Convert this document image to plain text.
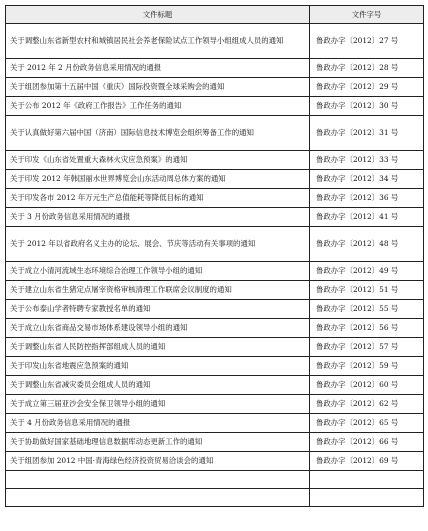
文件标题	文件字号
关于调整山东省新型农村和城镇居民社会养老保险试点工作领导小组组成人员的通知	鲁政办字〔2012〕27 号
关于 2012 年 2 月份政务信息采用情况的通报	鲁政办字〔2012〕28 号
关于组团参加第十五届中国（重庆）国际投资暨全球采购会的通知	鲁政办字〔2012〕29 号
关于公布 2012 年《政府工作报告》工作任务的通知	鲁政办字〔2012〕30 号
关于认真做好第六届中国（济南）国际信息技术博览会组织筹备工作的通知	鲁政办字〔2012〕31 号
关于印发《山东省处置重大森林火灾应急预案》的通知	鲁政办字〔2012〕33 号
关于印发 2012 年韩国丽水世界博览会山东活动周总体方案的通知	鲁政办字〔2012〕34 号
关于印发各市 2012 年万元生产总值能耗等降低目标的通知	鲁政办字〔2012〕36 号
关于 3 月份政务信息采用情况的通报	鲁政办字〔2012〕41 号
关于 2012 年以省政府名义主办的论坛、展会、节庆等活动有关事项的通知	鲁政办字〔2012〕48 号
关于成立小清河流域生态环境综合治理工作领导小组的通知	鲁政办字〔2012〕49 号
关于建立山东省生猪定点屠宰资格审核清理工作联席会议制度的通知	鲁政办字〔2012〕51 号
关于公布泰山学者特聘专家教授名单的通知	鲁政办字〔2012〕55 号
关于成立山东省商品交易市场体系建设领导小组的通知	鲁政办字〔2012〕56 号
关于调整山东省人民防控指挥部组成人员的通知	鲁政办字〔2012〕57 号
关于印发山东省地震应急预案的通知	鲁政办字〔2012〕59 号
关于调整山东省减灾委员会组成人员的通知	鲁政办字〔2012〕60 号
关于成立第三届亚沙会安全保卫领导小组的通知	鲁政办字〔2012〕62 号
关于 4 月份政务信息采用情况的通报	鲁政办字〔2012〕65 号
关于协助做好国家基础地理信息数据库动态更新工作的通知	鲁政办字〔2012〕66 号
关于组团参加 2012 中国·青海绿色经济投资贸易洽谈会的通知	鲁政办字〔2012〕69 号
